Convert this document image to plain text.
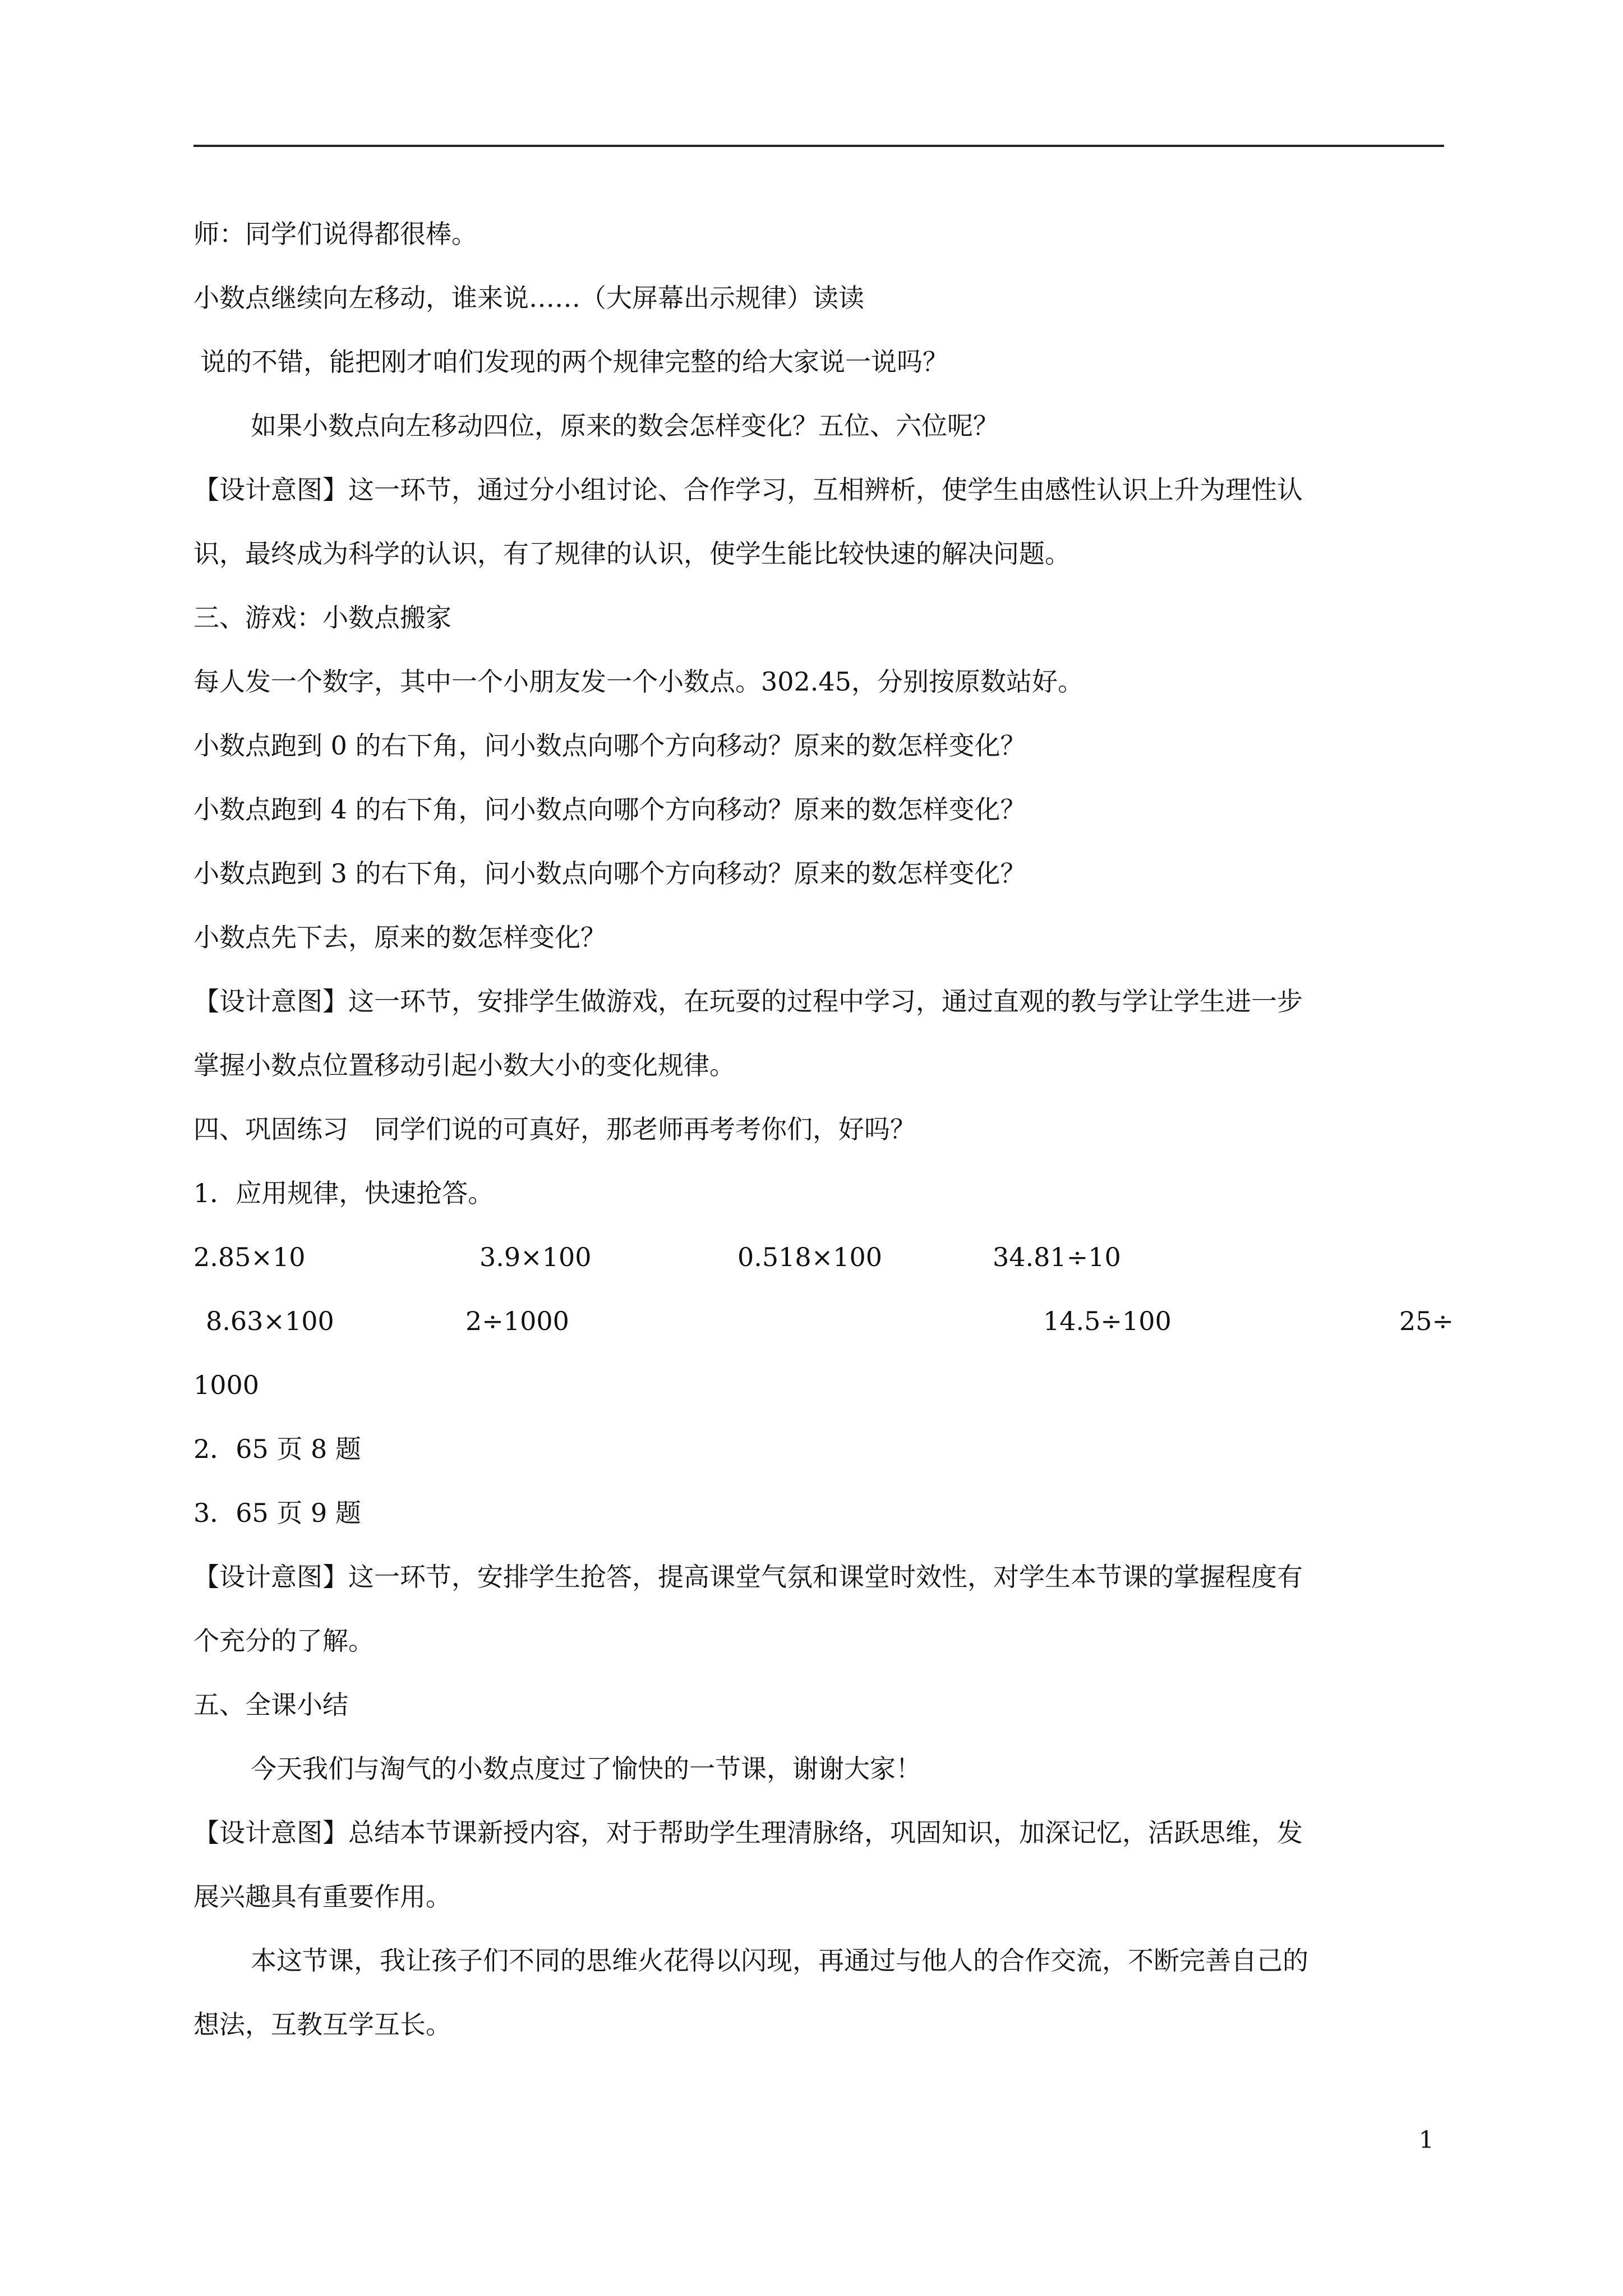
师：同学们说得都很棒。
小数点继续向左移动，谁来说……（大屏幕出示规律）读读
说的不错，能把刚才咱们发现的两个规律完整的给大家说一说吗？
如果小数点向左移动四位，原来的数会怎样变化？五位、六位呢？
【设计意图】这一环节，通过分小组讨论、合作学习，互相辨析，使学生由感性认识上升为理性认
识，最终成为科学的认识，有了规律的认识，使学生能比较快速的解决问题。
三、游戏：小数点搬家
每人发一个数字，其中一个小朋友发一个小数点。302.45，分别按原数站好。
小数点跑到 0 的右下角，问小数点向哪个方向移动？原来的数怎样变化？
小数点跑到 4 的右下角，问小数点向哪个方向移动？原来的数怎样变化？
小数点跑到 3 的右下角，问小数点向哪个方向移动？原来的数怎样变化？
小数点先下去，原来的数怎样变化？
【设计意图】这一环节，安排学生做游戏，在玩耍的过程中学习，通过直观的教与学让学生进一步
掌握小数点位置移动引起小数大小的变化规律。
四、巩固练习　同学们说的可真好，那老师再考考你们，好吗？
1．应用规律，快速抢答。
2.85×10	3.9×100	0.518×100	34.81÷10
8.63×100	2÷1000	14.5÷100	25÷
1000
2．65 页 8 题
3．65 页 9 题
【设计意图】这一环节，安排学生抢答，提高课堂气氛和课堂时效性，对学生本节课的掌握程度有
个充分的了解。
五、全课小结
今天我们与淘气的小数点度过了愉快的一节课，谢谢大家！
【设计意图】总结本节课新授内容，对于帮助学生理清脉络，巩固知识，加深记忆，活跃思维，发
展兴趣具有重要作用。
本这节课，我让孩子们不同的思维火花得以闪现，再通过与他人的合作交流，不断完善自己的
想法，互教互学互长。
1
